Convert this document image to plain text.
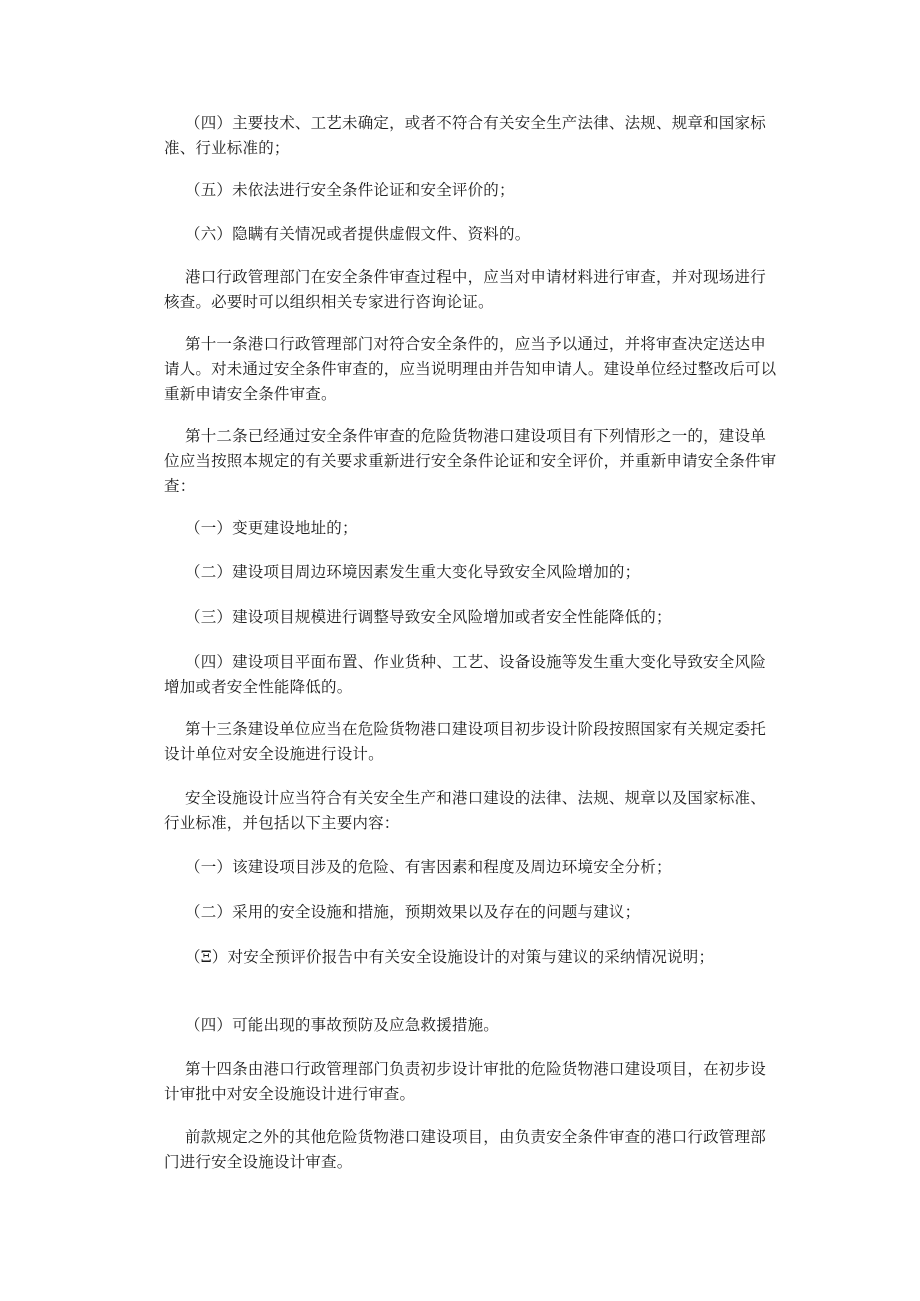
（四）主要技术、工艺未确定，或者不符合有关安全生产法律、法规、规章和国家标准、行业标准的；

（五）未依法进行安全条件论证和安全评价的；

（六）隐瞒有关情况或者提供虚假文件、资料的。

港口行政管理部门在安全条件审查过程中，应当对申请材料进行审查，并对现场进行核查。必要时可以组织相关专家进行咨询论证。

第十一条港口行政管理部门对符合安全条件的，应当予以通过，并将审查决定送达申请人。对未通过安全条件审查的，应当说明理由并告知申请人。建设单位经过整改后可以重新申请安全条件审查。

第十二条已经通过安全条件审查的危险货物港口建设项目有下列情形之一的，建设单位应当按照本规定的有关要求重新进行安全条件论证和安全评价，并重新申请安全条件审查：

（一）变更建设地址的；

（二）建设项目周边环境因素发生重大变化导致安全风险增加的；

（三）建设项目规模进行调整导致安全风险增加或者安全性能降低的；

（四）建设项目平面布置、作业货种、工艺、设备设施等发生重大变化导致安全风险增加或者安全性能降低的。

第十三条建设单位应当在危险货物港口建设项目初步设计阶段按照国家有关规定委托设计单位对安全设施进行设计。

安全设施设计应当符合有关安全生产和港口建设的法律、法规、规章以及国家标准、行业标准，并包括以下主要内容：

（一）该建设项目涉及的危险、有害因素和程度及周边环境安全分析；

（二）采用的安全设施和措施，预期效果以及存在的问题与建议；

（Ξ）对安全预评价报告中有关安全设施设计的对策与建议的采纳情况说明；

（四）可能出现的事故预防及应急救援措施。

第十四条由港口行政管理部门负责初步设计审批的危险货物港口建设项目，在初步设计审批中对安全设施设计进行审查。

前款规定之外的其他危险货物港口建设项目，由负责安全条件审查的港口行政管理部门进行安全设施设计审查。
